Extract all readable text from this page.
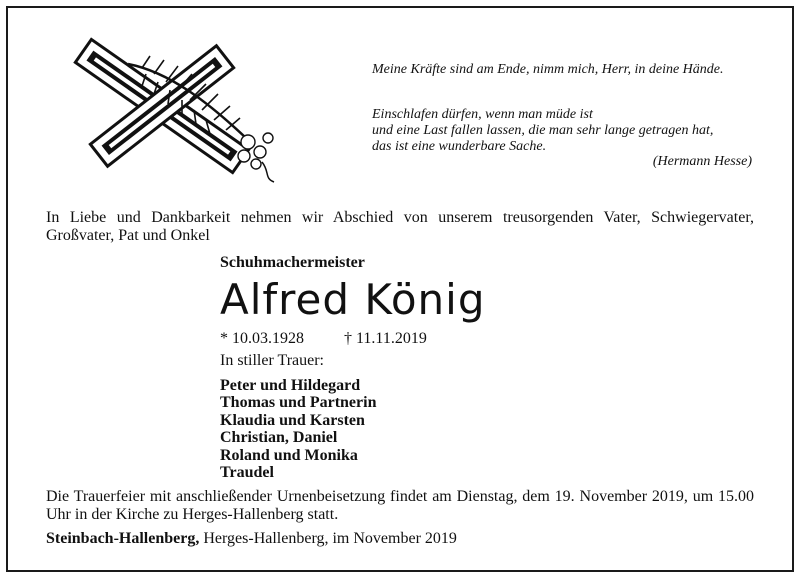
Meine Kräfte sind am Ende, nimm mich, Herr, in deine Hände.
Einschlafen dürfen, wenn man müde ist
und eine Last fallen lassen, die man sehr lange getragen hat,
das ist eine wunderbare Sache.
(Hermann Hesse)
In Liebe und Dankbarkeit nehmen wir Abschied von unserem treusorgenden Vater, Schwiegervater, Großvater, Pat und Onkel
Schuhmachermeister
Alfred König
* 10.03.1928	† 11.11.2019
In stiller Trauer:
Peter und Hildegard
Thomas und Partnerin
Klaudia und Karsten
Christian, Daniel
Roland und Monika
Traudel
Die Trauerfeier mit anschließender Urnenbeisetzung findet am Dienstag, dem 19. November 2019, um 15.00 Uhr in der Kirche zu Herges-Hallenberg statt.
Steinbach-Hallenberg, Herges-Hallenberg, im November 2019
